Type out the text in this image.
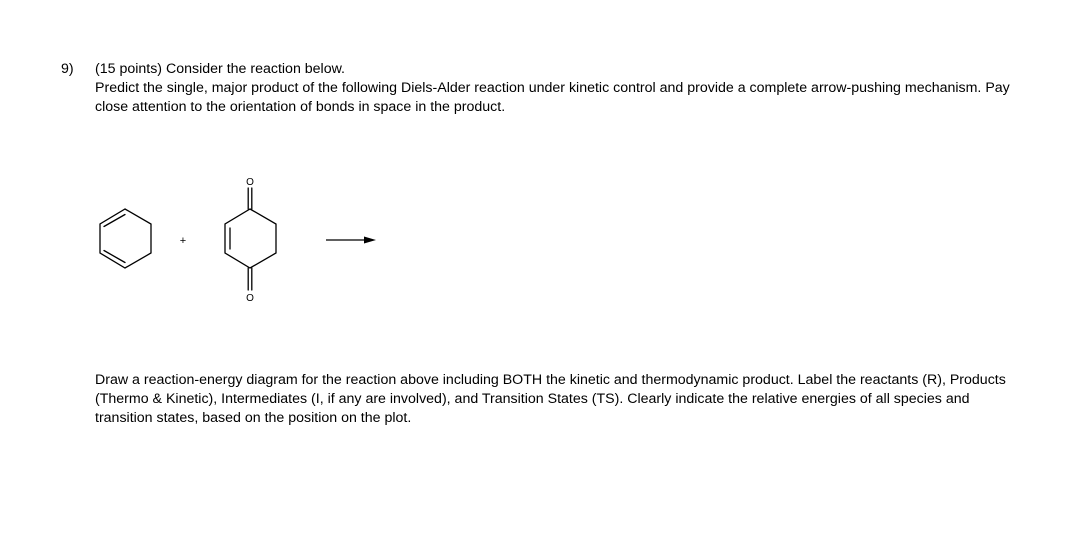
9) (15 points) Consider the reaction below.
Predict the single, major product of the following Diels-Alder reaction under kinetic control and provide a complete arrow-pushing mechanism. Pay close attention to the orientation of bonds in space in the product.
+
O
O
Draw a reaction-energy diagram for the reaction above including BOTH the kinetic and thermodynamic product. Label the reactants (R), Products (Thermo & Kinetic), Intermediates (I, if any are involved), and Transition States (TS). Clearly indicate the relative energies of all species and transition states, based on the position on the plot.
